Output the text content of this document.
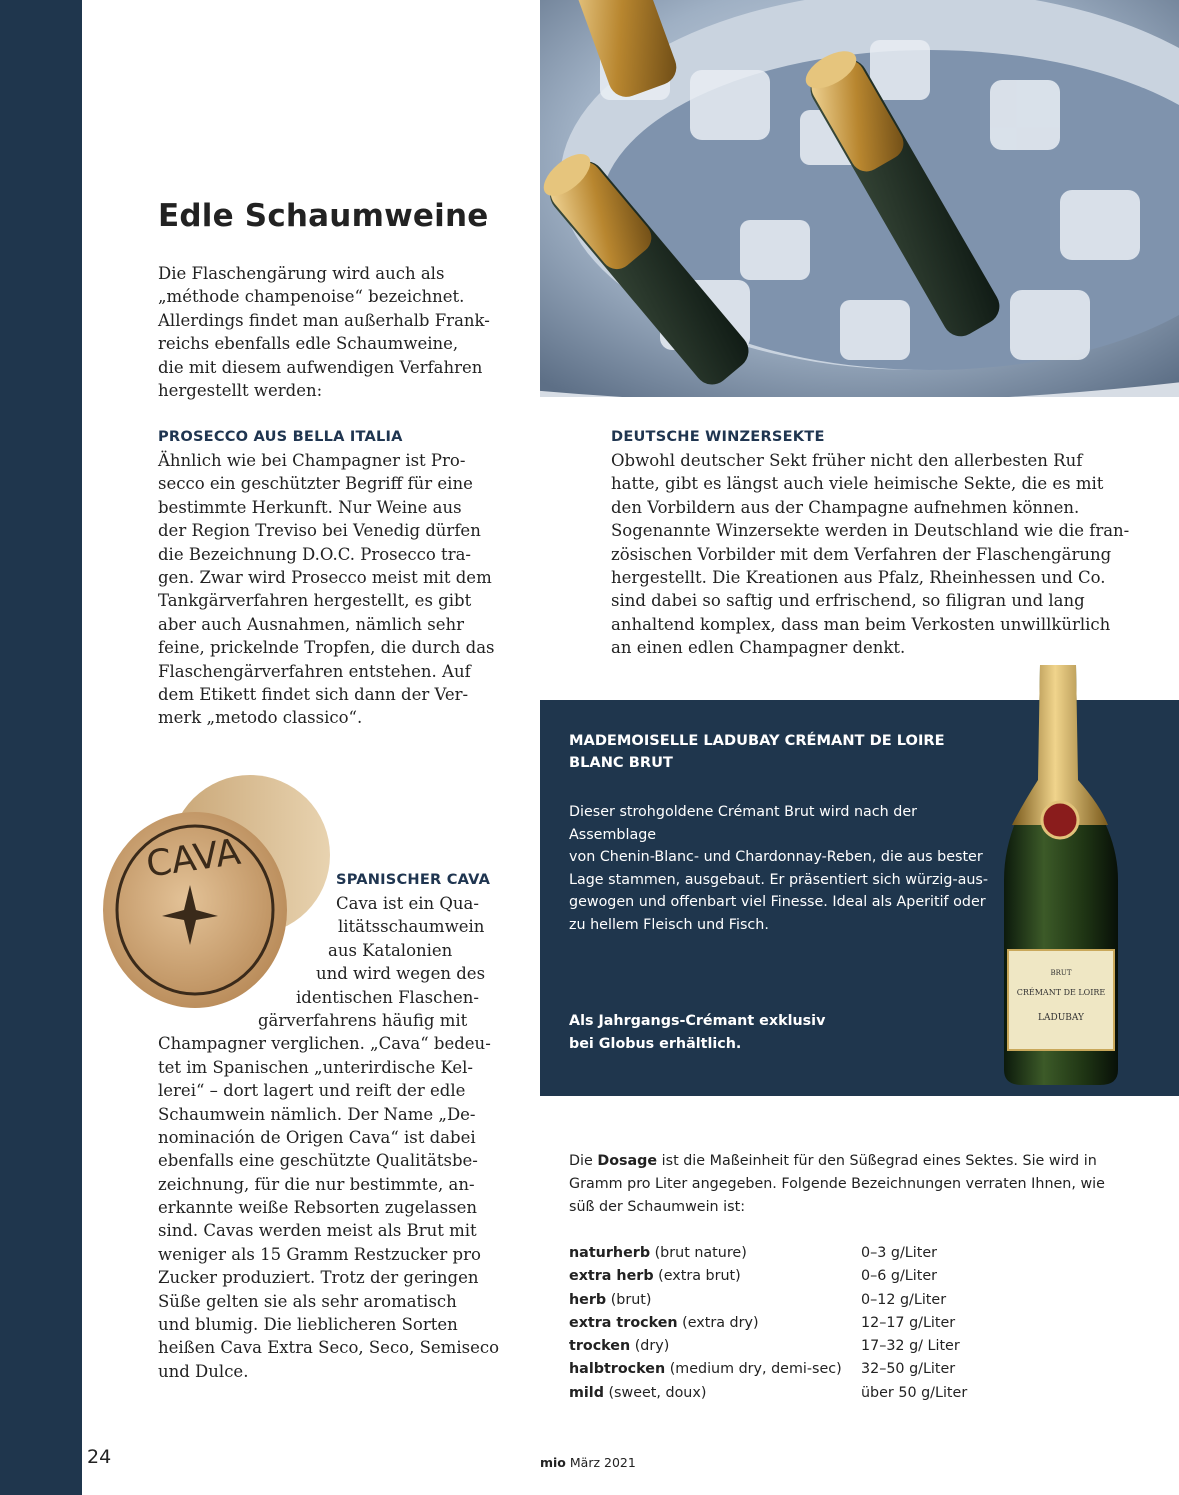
Edle Schaumweine

Die Flaschengärung wird auch als
„méthode champenoise“ bezeichnet.
Allerdings findet man außerhalb Frank-
reichs ebenfalls edle Schaumweine,
die mit diesem aufwendigen Verfahren
hergestellt werden:

PROSECCO AUS BELLA ITALIA

Ähnlich wie bei Champagner ist Pro-
secco ein geschützter Begriff für eine
bestimmte Herkunft. Nur Weine aus
der Region Treviso bei Venedig dürfen
die Bezeichnung D.O.C. Prosecco tra-
gen. Zwar wird Prosecco meist mit dem
Tankgärverfahren hergestellt, es gibt
aber auch Ausnahmen, nämlich sehr
feine, prickelnde Tropfen, die durch das
Flaschengärverfahren entstehen. Auf
dem Etikett findet sich dann der Ver-
merk „metodo classico“.

DEUTSCHE WINZERSEKTE

Obwohl deutscher Sekt früher nicht den allerbesten Ruf
hatte, gibt es längst auch viele heimische Sekte, die es mit
den Vorbildern aus der Champagne aufnehmen können.
Sogenannte Winzersekte werden in Deutschland wie die fran-
zösischen Vorbilder mit dem Verfahren der Flaschengärung
hergestellt. Die Kreationen aus Pfalz, Rheinhessen und Co.
sind dabei so saftig und erfrischend, so filigran und lang
anhaltend komplex, dass man beim Verkosten unwillkürlich
an einen edlen Champagner denkt.

CAVA	SPANISCHER CAVA
Cava ist ein Qua-
litätsschaumwein
aus Katalonien
und wird wegen des
identischen Flaschen-
gärverfahrens häufig mit
Champagner verglichen. „Cava“ bedeu-
tet im Spanischen „unterirdische Kel-
lerei“ – dort lagert und reift der edle
Schaumwein nämlich. Der Name „De-
nominación de Origen Cava“ ist dabei
ebenfalls eine geschützte Qualitätsbe-
zeichnung, für die nur bestimmte, an-
erkannte weiße Rebsorten zugelassen
sind. Cavas werden meist als Brut mit
weniger als 15 Gramm Restzucker pro
Zucker produziert. Trotz der geringen
Süße gelten sie als sehr aromatisch
und blumig. Die lieblicheren Sorten
heißen Cava Extra Seco, Seco, Semiseco
und Dulce.

MADEMOISELLE LADUBAY CRÉMANT DE LOIRE
BLANC BRUT

Dieser strohgoldene Crémant Brut wird nach der Assemblage
von Chenin-Blanc- und Chardonnay-Reben, die aus bester
Lage stammen, ausgebaut. Er präsentiert sich würzig-aus-
gewogen und offenbart viel Finesse. Ideal als Aperitif oder
zu hellem Fleisch und Fisch.

Als Jahrgangs-Crémant exklusiv
bei Globus erhältlich.

BRUT
CRÉMANT DE LOIRE
LADUBAY

Die Dosage ist die Maßeinheit für den Süßegrad eines Sektes. Sie wird in Gramm pro Liter angegeben. Folgende Bezeichnungen verraten Ihnen, wie süß der Schaumwein ist:

naturherb (brut nature)	0–3 g/Liter
extra herb (extra brut)	0–6 g/Liter
herb (brut)	0–12 g/Liter
extra trocken (extra dry)	12–17 g/Liter
trocken (dry)	17–32 g/ Liter
halbtrocken (medium dry, demi-sec) 32–50 g/Liter
mild (sweet, doux)	über 50 g/Liter
24	mio März 2021
